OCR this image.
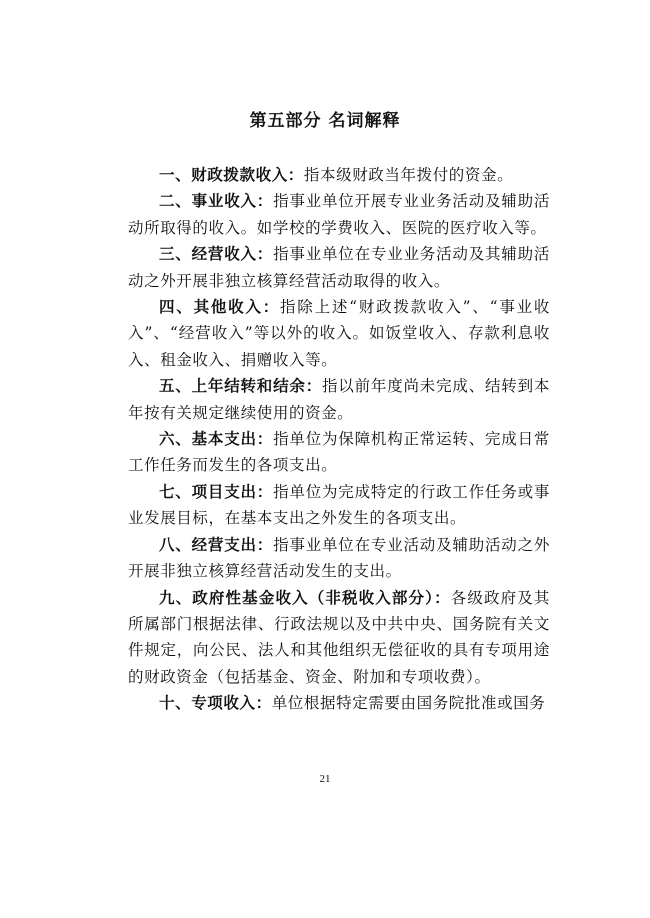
第五部分 名词解释

一、财政拨款收入：指本级财政当年拨付的资金。

二、事业收入：指事业单位开展专业业务活动及辅助活动所取得的收入。如学校的学费收入、医院的医疗收入等。

三、经营收入：指事业单位在专业业务活动及其辅助活动之外开展非独立核算经营活动取得的收入。

四、其他收入：指除上述“财政拨款收入”、“事业收入”、“经营收入”等以外的收入。如饭堂收入、存款利息收入、租金收入、捐赠收入等。

五、上年结转和结余：指以前年度尚未完成、结转到本年按有关规定继续使用的资金。

六、基本支出：指单位为保障机构正常运转、完成日常工作任务而发生的各项支出。

七、项目支出：指单位为完成特定的行政工作任务或事业发展目标，在基本支出之外发生的各项支出。

八、经营支出：指事业单位在专业活动及辅助活动之外开展非独立核算经营活动发生的支出。

九、政府性基金收入（非税收入部分）：各级政府及其所属部门根据法律、行政法规以及中共中央、国务院有关文件规定，向公民、法人和其他组织无偿征收的具有专项用途的财政资金（包括基金、资金、附加和专项收费）。

十、专项收入：单位根据特定需要由国务院批准或国务

21
